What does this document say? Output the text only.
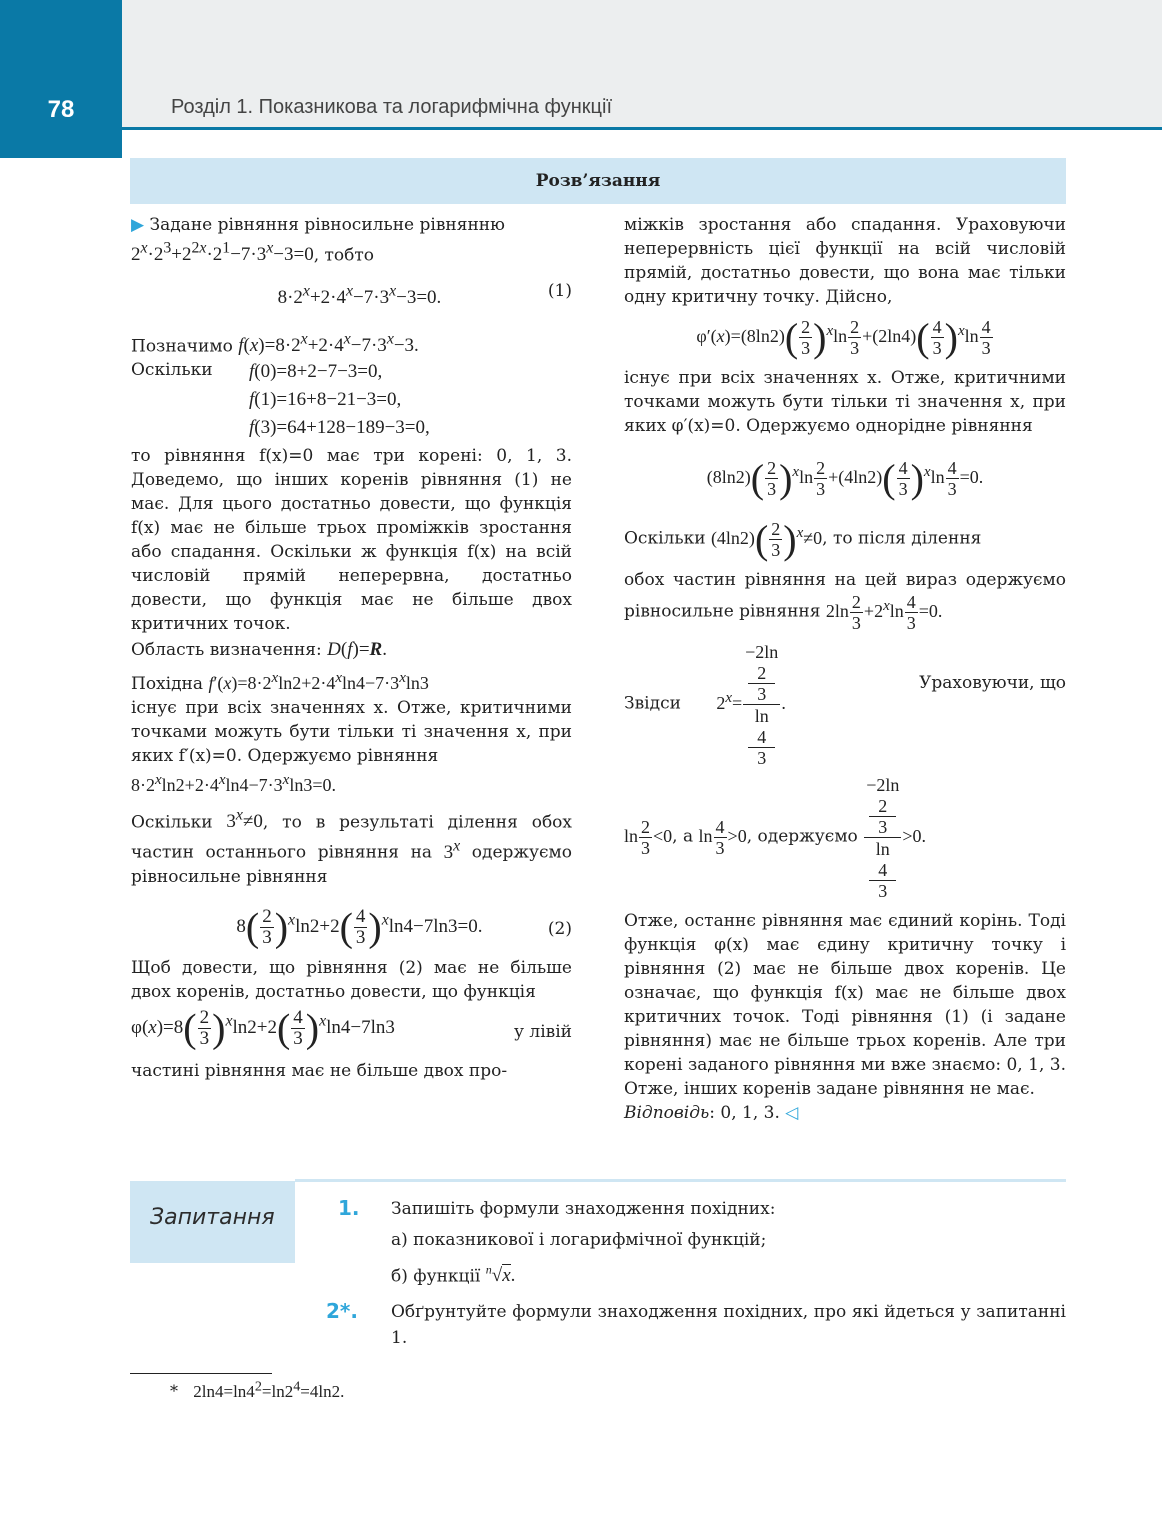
78	Розділ 1. Показникова та логарифмічна функції
Розв’язання

▶ Задане рівняння рівносильне рівнянню

$2^x\cdot 2^3+2^{2x}\cdot 2^1-7\cdot 3^x-3=0$, тобто

$8\cdot 2^x+2\cdot 4^x-7\cdot 3^x-3=0$.	(1)

Позначимо $f(x)=8\cdot 2^x+2\cdot 4^x-7\cdot 3^x-3$.

Оскільки f(0)=8+2−7−3=0,
f(1)=16+8−21−3=0,
f(3)=64+128−189−3=0,

то рівняння f(x)=0 має три корені: 0, 1, 3. Доведемо, що інших коренів рівняння (1) не має. Для цього достатньо довести, що функція f(x) має не більше трьох проміжків зростання або спадання. Оскільки ж функція f(x) на всій числовій прямій неперервна, достатньо довести, що функція має не більше двох критичних точок.

Область визначення: D(f)=R.

Похідна $f'(x)=8\cdot 2^x\ln 2+2\cdot 4^x\ln 4-7\cdot 3^x\ln 3$

існує при всіх значеннях x. Отже, критичними точками можуть бути тільки ті значення x, при яких f′(x)=0. Одержуємо рівняння

$8\cdot 2^x\ln 2+2\cdot 4^x\ln 4-7\cdot 3^x\ln 3=0$.

Оскільки $3^x\ne 0$, то в результаті ділення обох частин останнього рівняння на 3$^x$ одержуємо рівносильне рівняння

$8( \frac{2}{3} )^x\ln 2+2( \frac{4}{3} )^x\ln 4-7\ln 3=0$.	(2)

Щоб довести, що рівняння (2) має не більше двох коренів, достатньо довести, що функція

$\varphi(x)=8( \frac{2}{3} )^x\ln 2+2( \frac{4}{3} )^x\ln 4-7\ln 3$	у лівій

частині рівняння має не більше двох про-

міжків зростання або спадання. Ураховуючи неперервність цієї функції на всій числовій прямій, достатньо довести, що вона має тільки одну критичну точку. Дійсно,

$\varphi'(x)=(8\ln 2)( \frac{2}{3} )^x\ln \frac{2}{3} +(2\ln 4)( \frac{4}{3} )^x\ln \frac{4}{3}$

існує при всіх значеннях x. Отже, критичними точками можуть бути тільки ті значення x, при яких φ′(x)=0. Одержуємо однорідне рівняння

$(8\ln 2)( \frac{2}{3} )^x\ln \frac{2}{3} +(4\ln 2)( \frac{4}{3} )^x\ln \frac{4}{3} =0$.

Оскільки $(4\ln 2)( \frac{2}{3} )^x\ne 0$, то після ділення

обох частин рівняння на цей вираз одержуємо рівносильне рівняння $2\ln \frac{2}{3} +2^x\ln \frac{4}{3} =0$.

Звідси $2^x= -2\ln$
2
3
ln
4
3 .
Ураховуючи, що

$\ln \frac{2}{3} <0$, а $\ln \frac{4}{3} >0$, одержуємо −2ln
2
3
ln
4
3 >0.

Отже, останнє рівняння має єдиний корінь. Тоді функція φ(x) має єдину критичну точку і рівняння (2) має не більше двох коренів. Це означає, що функція f(x) має не більше двох критичних точок. Тоді рівняння (1) (і задане рівняння) має не більше трьох коренів. Але три корені заданого рівняння ми вже знаємо: 0, 1, 3. Отже, інших коренів задане рівняння не має.

Відповідь: 0, 1, 3. ◁

Запитання	1. Запишіть формули знаходження похідних:
а) показникової і логарифмічної функцій;
б) функції $^n$√x.
2*. Обґрунтуйте формули знаходження похідних, про які йдеться у запитанні 1.
* $2\ln 4=\ln 4^2=\ln 2^4=4\ln 2$.
